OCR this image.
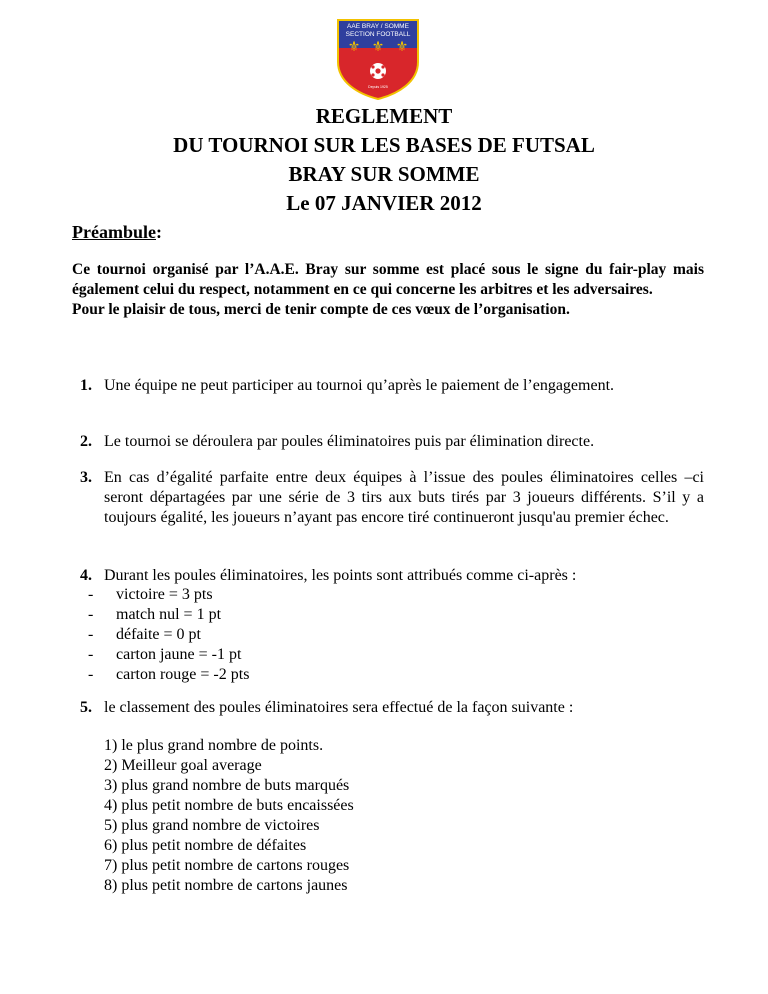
AAE BRAY / SOMME
SECTION FOOTBALL
⚜ ⚜ ⚜
Depuis 1925
REGLEMENT
DU TOURNOI SUR LES BASES DE FUTSAL
BRAY SUR SOMME
Le 07 JANVIER 2012
Préambule:

Ce tournoi organisé par l’A.A.E. Bray sur somme est placé sous le signe du fair-play mais également celui du respect, notamment en ce qui concerne les arbitres et les adversaires.

Pour le plaisir de tous, merci de tenir compte de ces vœux de l’organisation.

1. Une équipe ne peut participer au tournoi qu’après le paiement de l’engagement.
2. Le tournoi se déroulera par poules éliminatoires puis par élimination directe.
3. En cas d’égalité parfaite entre deux équipes à l’issue des poules éliminatoires celles –ci seront départagées par une série de 3 tirs aux buts tirés par 3 joueurs différents. S’il y a toujours égalité, les joueurs n’ayant pas encore tiré continueront jusqu'au premier échec.
4. Durant les poules éliminatoires, les points sont attribués comme ci-après :
- victoire = 3 pts
- match nul = 1 pt
- défaite = 0 pt
- carton jaune = -1 pt
- carton rouge = -2 pts
5. le classement des poules éliminatoires sera effectué de la façon suivante :
1) le plus grand nombre de points.
2) Meilleur goal average
3) plus grand nombre de buts marqués
4) plus petit nombre de buts encaissées
5) plus grand nombre de victoires
6) plus petit nombre de défaites
7) plus petit nombre de cartons rouges
8) plus petit nombre de cartons jaunes
